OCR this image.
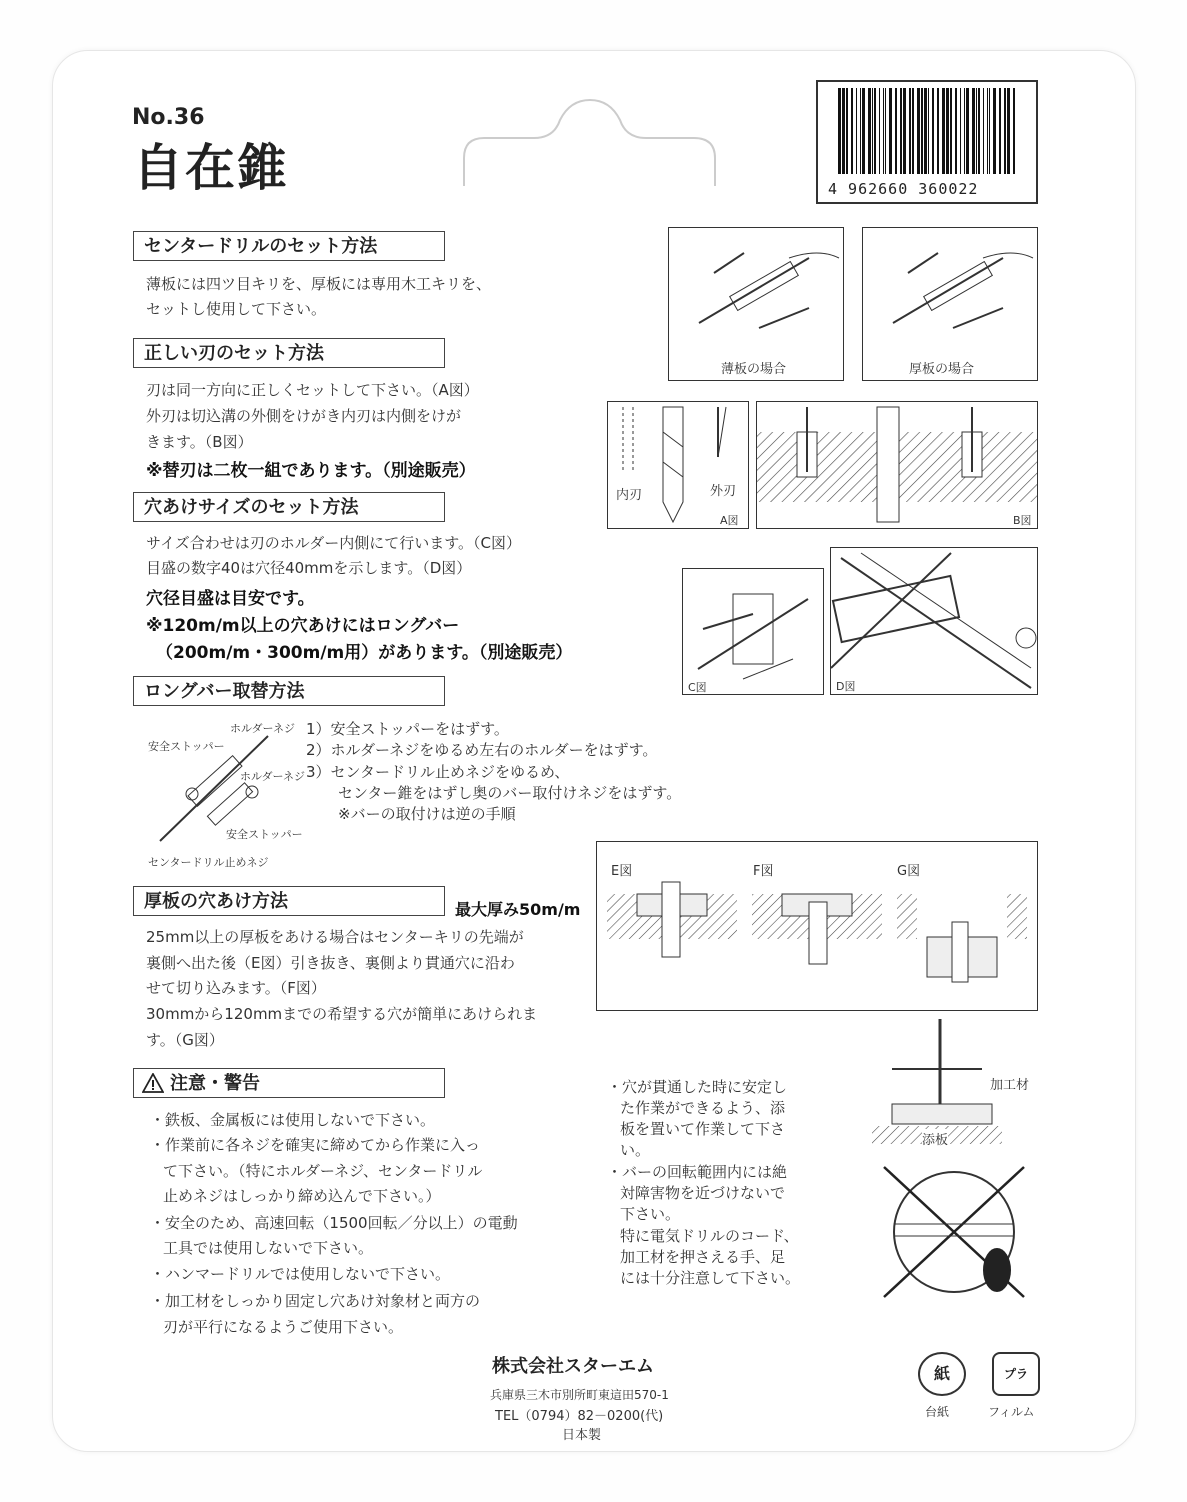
No.36
自在錐	4 962660 360022
センタードリルのセット方法
薄板には四ツ目キリを、厚板には専用木工キリを、
セットし使用して下さい。
正しい刃のセット方法
刃は同一方向に正しくセットして下さい。（A図）
外刃は切込溝の外側をけがき内刃は内側をけが
きます。（B図）
※替刃は二枚一組であります。（別途販売）
穴あけサイズのセット方法
サイズ合わせは刃のホルダー内側にて行います。（C図）
目盛の数字40は穴径40mmを示します。（D図）
穴径目盛は目安です。
※120m/m以上の穴あけにはロングバー
（200m/m・300m/m用）があります。（別途販売）
ロングバー取替方法
1）安全ストッパーをはずす。
2）ホルダーネジをゆるめ左右のホルダーをはずす。
3）センタードリル止めネジをゆるめ、
センター錐をはずし奥のバー取付けネジをはずす。
※バーの取付けは逆の手順
安全ストッパー
ホルダーネジ
ホルダーネジ
安全ストッパー
センタードリル止めネジ
厚板の穴あけ方法	最大厚み50m/m
25mm以上の厚板をあける場合はセンターキリの先端が
裏側へ出た後（E図）引き抜き、裏側より貫通穴に沿わ
せて切り込みます。（F図）
30mmから120mmまでの希望する穴が簡単にあけられま
す。（G図）
注意・警告
・鉄板、金属板には使用しないで下さい。
・作業前に各ネジを確実に締めてから作業に入っ
て下さい。（特にホルダーネジ、センタードリル
止めネジはしっかり締め込んで下さい。）
・安全のため、高速回転（1500回転／分以上）の電動
工具では使用しないで下さい。
・ハンマードリルでは使用しないで下さい。
・加工材をしっかり固定し穴あけ対象材と両方の
刃が平行になるようご使用下さい。
・穴が貫通した時に安定し
た作業ができるよう、添
板を置いて作業して下さ
い。
・バーの回転範囲内には絶
対障害物を近づけないで
下さい。
特に電気ドリルのコード、
加工材を押さえる手、足
には十分注意して下さい。
薄板の場合	厚板の場合
内刃	外刃
A図	B図
C図	D図
E図	F図	G図
加工材
添板
株式会社スターエム
兵庫県三木市別所町東這田570-1
TEL（0794）82－0200(代)
日本製
紙
台紙
プラ
フィルム
